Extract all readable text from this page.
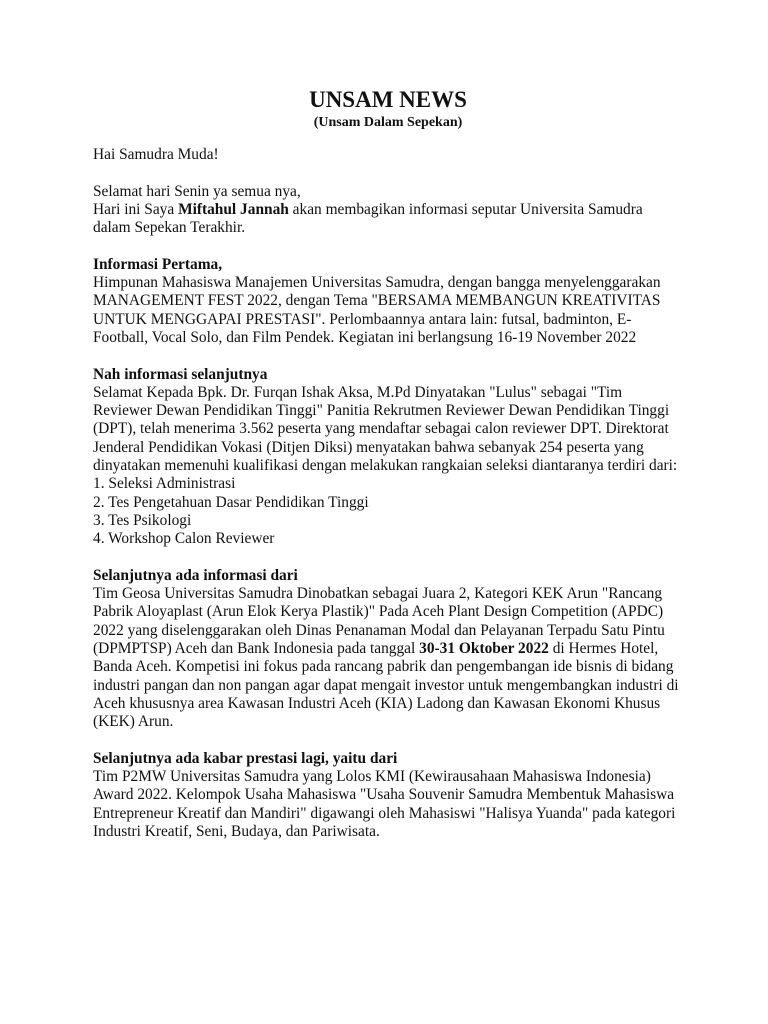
UNSAM NEWS
(Unsam Dalam Sepekan)

Hai Samudra Muda!

Selamat hari Senin ya semua nya,

Hari ini Saya Miftahul Jannah akan membagikan informasi seputar Universita Samudra dalam Sepekan Terakhir.

Informasi Pertama,

Himpunan Mahasiswa Manajemen Universitas Samudra, dengan bangga menyelenggarakan MANAGEMENT FEST 2022, dengan Tema "BERSAMA MEMBANGUN KREATIVITAS UNTUK MENGGAPAI PRESTASI". Perlombaannya antara lain: futsal, badminton, E-Football, Vocal Solo, dan Film Pendek. Kegiatan ini berlangsung 16-19 November 2022

Nah informasi selanjutnya

Selamat Kepada Bpk. Dr. Furqan Ishak Aksa, M.Pd Dinyatakan "Lulus" sebagai "Tim Reviewer Dewan Pendidikan Tinggi" Panitia Rekrutmen Reviewer Dewan Pendidikan Tinggi (DPT), telah menerima 3.562 peserta yang mendaftar sebagai calon reviewer DPT. Direktorat Jenderal Pendidikan Vokasi (Ditjen Diksi) menyatakan bahwa sebanyak 254 peserta yang dinyatakan memenuhi kualifikasi dengan melakukan rangkaian seleksi diantaranya terdiri dari:

1. Seleksi Administrasi
2. Tes Pengetahuan Dasar Pendidikan Tinggi
3. Tes Psikologi
4. Workshop Calon Reviewer

Selanjutnya ada informasi dari

Tim Geosa Universitas Samudra Dinobatkan sebagai Juara 2, Kategori KEK Arun "Rancang Pabrik Aloyaplast (Arun Elok Kerya Plastik)" Pada Aceh Plant Design Competition (APDC) 2022 yang diselenggarakan oleh Dinas Penanaman Modal dan Pelayanan Terpadu Satu Pintu (DPMPTSP) Aceh dan Bank Indonesia pada tanggal 30-31 Oktober 2022 di Hermes Hotel, Banda Aceh. Kompetisi ini fokus pada rancang pabrik dan pengembangan ide bisnis di bidang industri pangan dan non pangan agar dapat mengait investor untuk mengembangkan industri di Aceh khususnya area Kawasan Industri Aceh (KIA) Ladong dan Kawasan Ekonomi Khusus (KEK) Arun.

Selanjutnya ada kabar prestasi lagi, yaitu dari

Tim P2MW Universitas Samudra yang Lolos KMI (Kewirausahaan Mahasiswa Indonesia) Award 2022. Kelompok Usaha Mahasiswa "Usaha Souvenir Samudra Membentuk Mahasiswa Entrepreneur Kreatif dan Mandiri" digawangi oleh Mahasiswi "Halisya Yuanda" pada kategori Industri Kreatif, Seni, Budaya, dan Pariwisata.
